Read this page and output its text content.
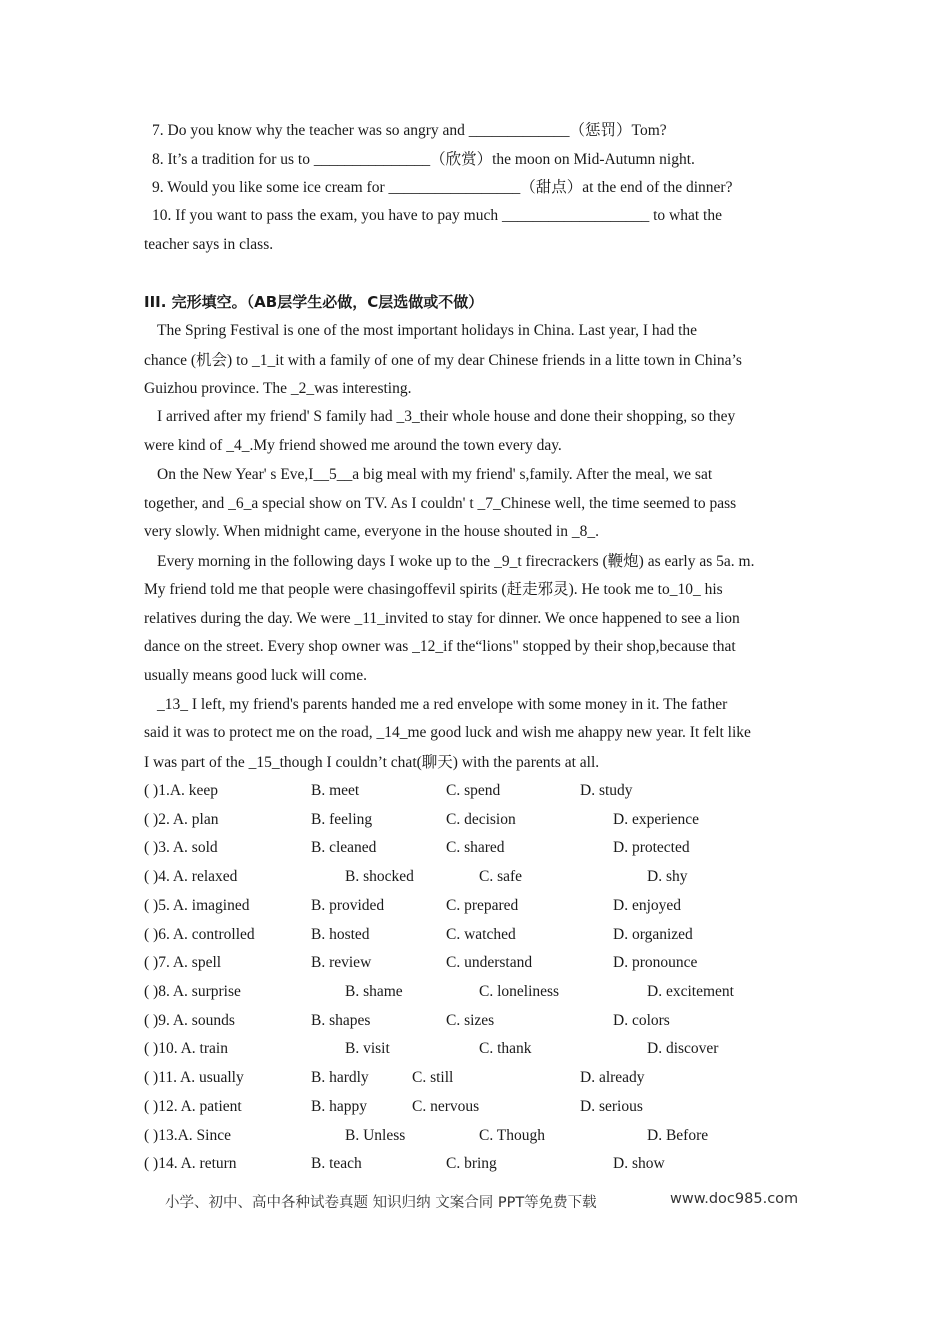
7. Do you know why the teacher was so angry and _____________（惩罚）Tom?
8. It’s a tradition for us to _______________（欣赏）the moon on Mid-Autumn night.
9. Would you like some ice cream for _________________（甜点）at the end of the dinner?
10. If you want to pass the exam, you have to pay much ___________________ to what the
teacher says in class.
III. 完形填空。（AB层学生必做，C层选做或不做）
The Spring Festival is one of the most important holidays in China. Last year, I had the
chance (机会) to _1_it with a family of one of my dear Chinese friends in a litte town in China’s
Guizhou province. The _2_was interesting.
I arrived after my friend' S family had _3_their whole house and done their shopping, so they
were kind of _4_.My friend showed me around the town every day.
On the New Year' s Eve,I__5__a big meal with my friend' s,family. After the meal, we sat
together, and _6_a special show on TV. As I couldn' t _7_Chinese well, the time seemed to pass
very slowly. When midnight came, everyone in the house shouted in _8_.
Every morning in the following days I woke up to the _9_t firecrackers (鞭炮) as early as 5a. m.
My friend told me that people were chasingoffevil spirits (赶走邪灵). He took me to_10_ his
relatives during the day. We were _11_invited to stay for dinner. We once happened to see a lion
dance on the street. Every shop owner was _12_if the“lions" stopped by their shop,because that
usually means good luck will come.
_13_ I left, my friend's parents handed me a red envelope with some money in it. The father
said it was to protect me on the road, _14_me good luck and wish me ahappy new year. It felt like
I was part of the _15_though I couldn’t chat(聊天) with the parents at all.
( )1.A. keep	B. meet	C. spend	D. study
( )2. A. plan	B. feeling	C. decision	D. experience
( )3. A. sold	B. cleaned	C. shared	D. protected
( )4. A. relaxed	B. shocked	C. safe	D. shy
( )5. A. imagined	B. provided	C. prepared	D. enjoyed
( )6. A. controlled	B. hosted	C. watched	D. organized
( )7. A. spell	B. review	C. understand	D. pronounce
( )8. A. surprise	B. shame	C. loneliness	D. excitement
( )9. A. sounds	B. shapes	C. sizes	D. colors
( )10. A. train	B. visit	C. thank	D. discover
( )11. A. usually	B. hardly	C. still	D. already
( )12. A. patient	B. happy	C. nervous	D. serious
( )13.A. Since	B. Unless	C. Though	D. Before
( )14. A. return	B. teach	C. bring	D. show
小学、初中、高中各种试卷真题 知识归纳 文案合同 PPT等免费下载	www.doc985.com
